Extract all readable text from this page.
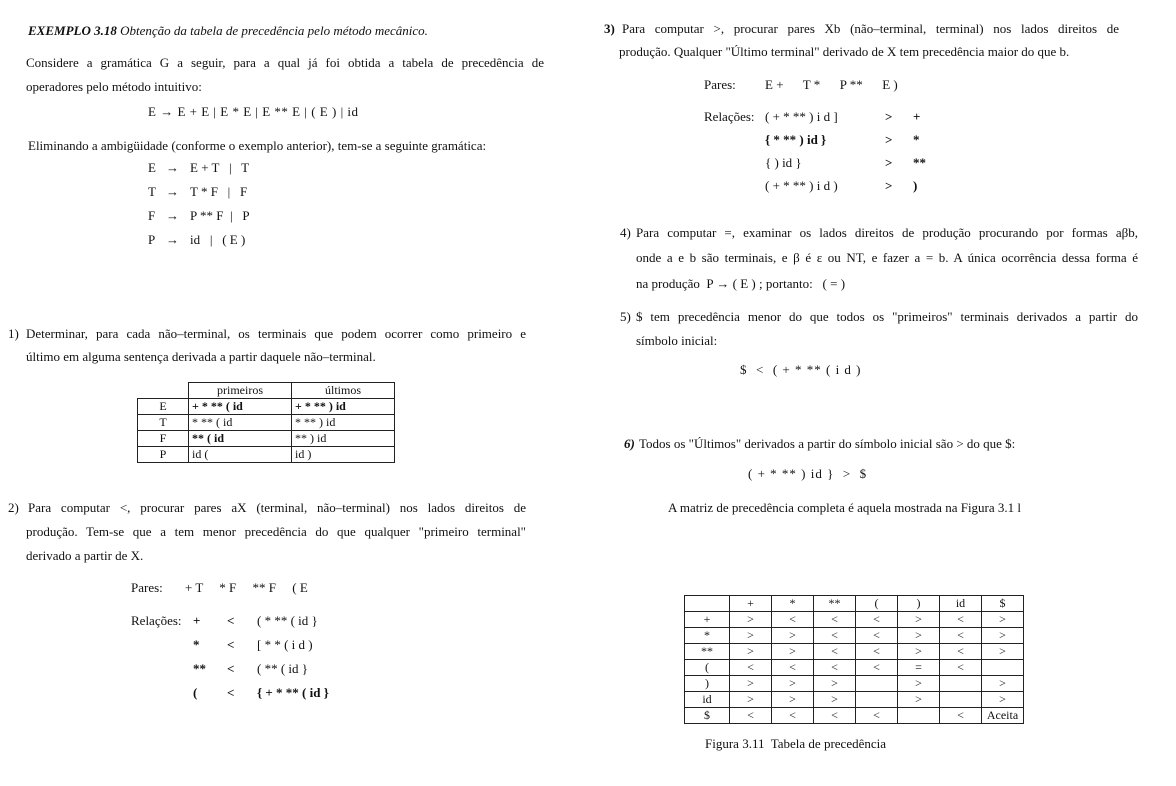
EXEMPLO 3.18 Obtenção da tabela de precedência pelo método mecânico.
Considere a gramática G a seguir, para a qual já foi obtida a tabela de precedência de
operadores pelo método intuitivo:
E → E + E | E * E | E ** E | ( E ) | id
Eliminando a ambigüidade (conforme o exemplo anterior), tem-se a seguinte gramática:
E → E + T   |   T
T → T * F   |   F
F → P ** F  |   P
P → id   |   ( E )
1) Determinar, para cada não–terminal, os terminais que podem ocorrer como primeiro e
último em alguma sentença derivada a partir daquele não–terminal.
	primeiros	últimos
E	+ * ** ( id	+ * ** ) id
T	* ** ( id	* ** ) id
F	** ( id	** ) id
P	id (	id )
2) Para computar <, procurar pares aX (terminal, não–terminal) nos lados direitos de
produção. Tem-se que a tem menor precedência do que qualquer "primeiro terminal"
derivado a partir de X.
Pares: + T     * F     ** F     ( E
Relações: + < ( * ** ( id }
* < [ * * ( i d )
** < ( ** ( id }
( < { + * ** ( id }
3) Para computar >, procurar pares Xb (não–terminal, terminal) nos lados direitos de
produção. Qualquer "Último terminal" derivado de X tem precedência maior do que b.
Pares: E +      T *      P **      E )
Relações: ( + * ** ) i d ]	> +
{ * ** ) id }	> *
{ ) id }	> **
( + * ** ) i d )	> )
4) Para computar =, examinar os lados direitos de produção procurando por formas aβb,
onde a e b são terminais, e β é ε ou NT, e fazer a = b. A única ocorrência dessa forma é
na produção  P → ( E ) ; portanto:   ( = )
5) $ tem precedência menor do que todos os "primeiros" terminais derivados a partir do
símbolo inicial:
$  <  ( + * ** ( i d )
6) Todos os "Últimos" derivados a partir do símbolo inicial são > do que $:
( + * ** ) id }  >  $
A matriz de precedência completa é aquela mostrada na Figura 3.1 l
	+	*	**	(	)	id	$
+	>	<	<	<	>	<	>
*	>	>	<	<	>	<	>
**	>	>	<	<	>	<	>
(	<	<	<	<	=	<	
)	>	>	>		>		>
id	>	>	>		>		>
$	<	<	<	<		<	Aceita
Figura 3.11  Tabela de precedência
